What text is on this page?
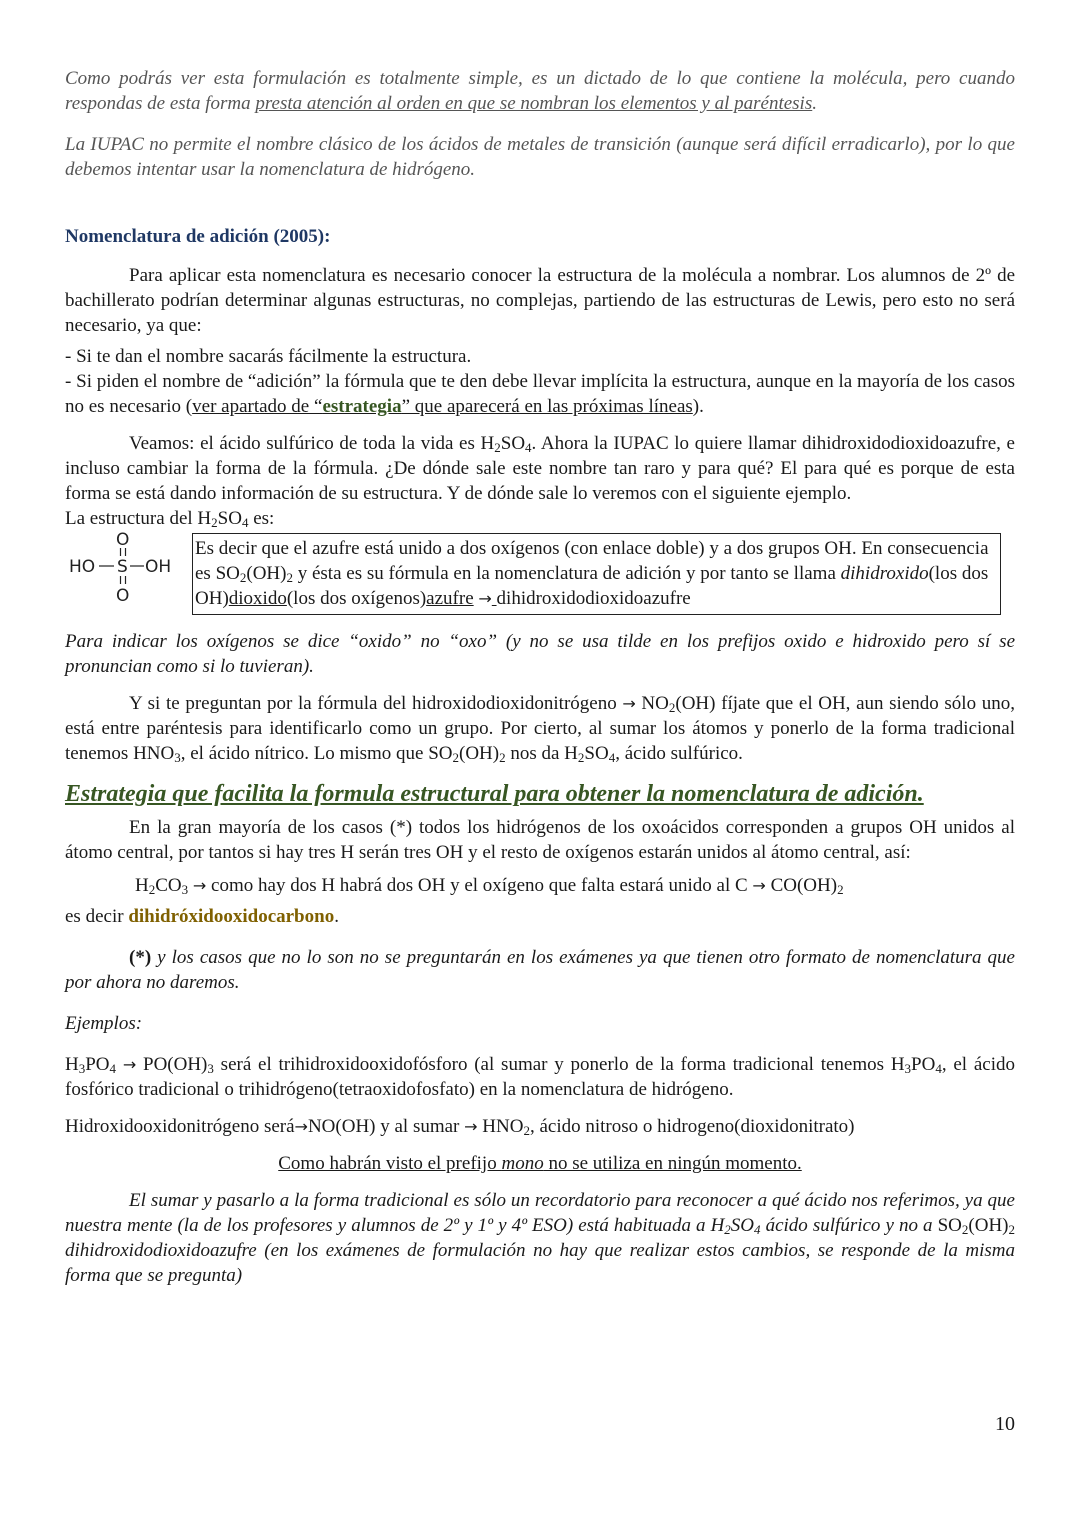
Como podrás ver esta formulación es totalmente simple, es un dictado de lo que contiene la molécula, pero cuando respondas de esta forma presta atención al orden en que se nombran los elementos y al paréntesis.

La IUPAC no permite el nombre clásico de los ácidos de metales de transición (aunque será difícil erradicarlo), por lo que debemos intentar usar la nomenclatura de hidrógeno.

Nomenclatura de adición (2005):

Para aplicar esta nomenclatura es necesario conocer la estructura de la molécula a nombrar. Los alumnos de 2º de bachillerato podrían determinar algunas estructuras, no complejas, partiendo de las estructuras de Lewis, pero esto no será necesario, ya que:

- Si te dan el nombre sacarás fácilmente la estructura.

- Si piden el nombre de “adición” la fórmula que te den debe llevar implícita la estructura, aunque en la mayoría de los casos no es necesario (ver apartado de “estrategia” que aparecerá en las próximas líneas).

Veamos: el ácido sulfúrico de toda la vida es $H_2SO_4$. Ahora la IUPAC lo quiere llamar dihidroxidodioxidoazufre, e incluso cambiar la forma de la fórmula. ¿De dónde sale este nombre tan raro y para qué? El para qué es porque de esta forma se está dando información de su estructura. Y de dónde sale lo veremos con el siguiente ejemplo.

La estructura del $H_2SO_4$ es:

O
HO S OH
O
Es decir que el azufre está unido a dos oxígenos (con enlace doble) y a dos grupos OH. En consecuencia es $SO_2(OH)_2$ y ésta es su fórmula en la nomenclatura de adición y por tanto se llama dihidroxido(los dos OH)dioxido(los dos oxígenos)azufre → dihidroxidodioxidoazufre

Para indicar los oxígenos se dice “oxido” no “oxo” (y no se usa tilde en los prefijos oxido e hidroxido pero sí se pronuncian como si lo tuvieran).

Y si te preguntan por la fórmula del hidroxidodioxidonitrógeno → $NO_2(OH)$ fíjate que el OH, aun siendo sólo uno, está entre paréntesis para identificarlo como un grupo. Por cierto, al sumar los átomos y ponerlo de la forma tradicional tenemos $HNO_3$, el ácido nítrico. Lo mismo que $SO_2(OH)_2$ nos da $H_2SO_4$, ácido sulfúrico.

Estrategia que facilita la formula estructural para obtener la nomenclatura de adición.

En la gran mayoría de los casos (*) todos los hidrógenos de los oxoácidos corresponden a grupos OH unidos al átomo central, por tantos si hay tres H serán tres OH y el resto de oxígenos estarán unidos al átomo central, así:

$H_2CO_3$ → como hay dos H habrá dos OH y el oxígeno que falta estará unido al $C \to CO(OH)_2$

es decir dihidróxidooxidocarbono.

(*) y los casos que no lo son no se preguntarán en los exámenes ya que tienen otro formato de nomenclatura que por ahora no daremos.

Ejemplos:

$H_3PO_4 \to PO(OH)_3$ será el trihidroxidooxidofósforo (al sumar y ponerlo de la forma tradicional tenemos $H_3PO_4$, el ácido fosfórico tradicional o trihidrógeno(tetraoxidofosfato) en la nomenclatura de hidrógeno.

Hidroxidooxidonitrógeno será→NO(OH) y al sumar → $HNO_2$, ácido nitroso o hidrogeno(dioxidonitrato)

Como habrán visto el prefijo mono no se utiliza en ningún momento.

El sumar y pasarlo a la forma tradicional es sólo un recordatorio para reconocer a qué ácido nos referimos, ya que nuestra mente (la de los profesores y alumnos de 2º y 1º y 4º ESO) está habituada a $H_2SO_4$ ácido sulfúrico y no a $SO_2(OH)_2$ dihidroxidodioxidoazufre (en los exámenes de formulación no hay que realizar estos cambios, se responde de la misma forma que se pregunta)

10
